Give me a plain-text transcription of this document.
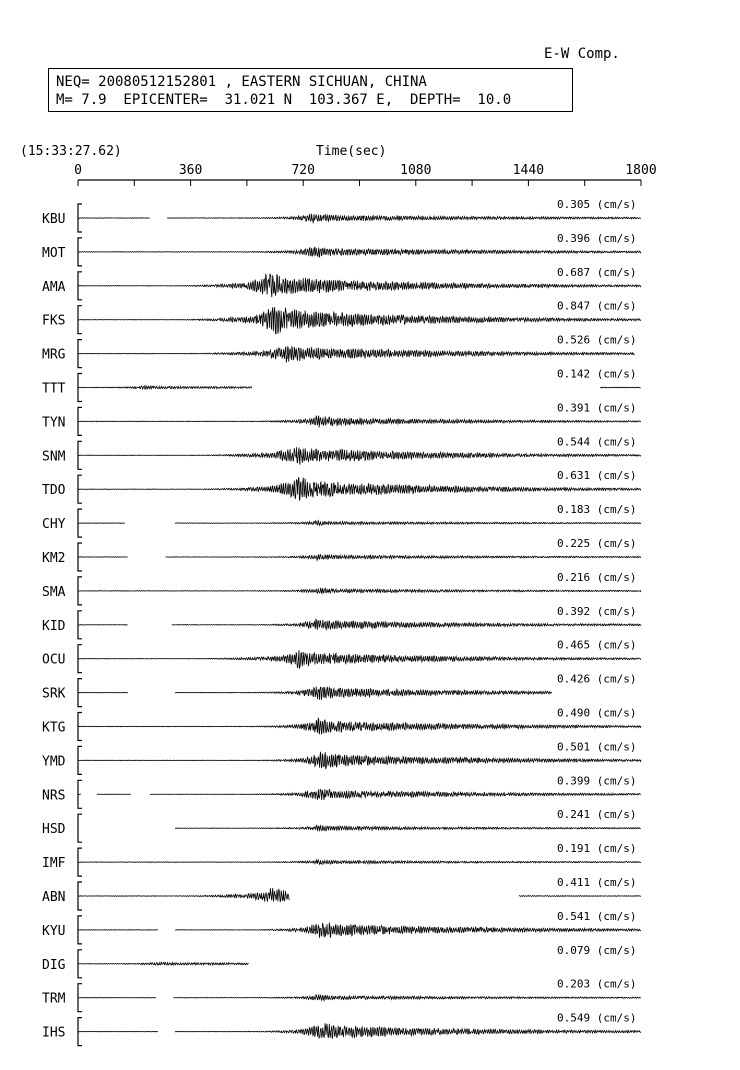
E-W Comp.
NEQ= 20080512152801 , EASTERN SICHUAN, CHINA
M= 7.9  EPICENTER=  31.021 N  103.367 E,  DEPTH=  10.0
(15:33:27.62)	Time(sec)
0	360	720	1080	1440	1800
KBU
0.305 (cm/s)
MOT
0.396 (cm/s)
AMA
0.687 (cm/s)
FKS
0.847 (cm/s)
MRG
0.526 (cm/s)
TTT
0.142 (cm/s)
TYN
0.391 (cm/s)
SNM
0.544 (cm/s)
TDO
0.631 (cm/s)
CHY
0.183 (cm/s)
KM2
0.225 (cm/s)
SMA
0.216 (cm/s)
KID
0.392 (cm/s)
OCU
0.465 (cm/s)
SRK
0.426 (cm/s)
KTG
0.490 (cm/s)
YMD
0.501 (cm/s)
NRS
0.399 (cm/s)
HSD
0.241 (cm/s)
IMF
0.191 (cm/s)
ABN
0.411 (cm/s)
KYU
0.541 (cm/s)
DIG
0.079 (cm/s)
TRM
0.203 (cm/s)
IHS
0.549 (cm/s)
